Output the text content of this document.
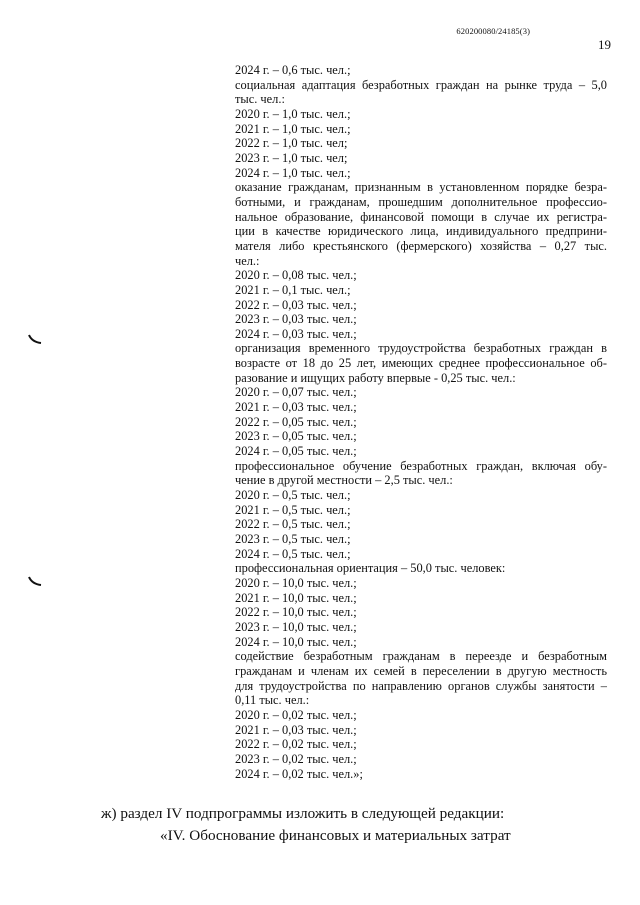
620200080/24185(3)
19
2024 г. – 0,6 тыс. чел.;
социальная адаптация безработных граждан на рынке труда – 5,0
тыс. чел.:
2020 г. – 1,0 тыс. чел.;
2021 г. – 1,0 тыс. чел.;
2022 г. – 1,0 тыс. чел;
2023 г. – 1,0 тыс. чел;
2024 г. – 1,0 тыс. чел.;
оказание гражданам, признанным в установленном порядке безра-
ботными, и гражданам, прошедшим дополнительное профессио-
нальное образование, финансовой помощи в случае их регистра-
ции в качестве юридического лица, индивидуального предприни-
мателя либо крестьянского (фермерского) хозяйства – 0,27 тыс.
чел.:
2020 г. – 0,08 тыс. чел.;
2021 г. – 0,1 тыс. чел.;
2022 г. – 0,03 тыс. чел.;
2023 г. – 0,03 тыс. чел.;
2024 г. – 0,03 тыс. чел.;
организация временного трудоустройства безработных граждан в
возрасте от 18 до 25 лет, имеющих среднее профессиональное об-
разование и ищущих работу впервые - 0,25 тыс. чел.:
2020 г. – 0,07 тыс. чел.;
2021 г. – 0,03 тыс. чел.;
2022 г. – 0,05 тыс. чел.;
2023 г. – 0,05 тыс. чел.;
2024 г. – 0,05 тыс. чел.;
профессиональное обучение безработных граждан, включая обу-
чение в другой местности – 2,5 тыс. чел.:
2020 г. – 0,5 тыс. чел.;
2021 г. – 0,5 тыс. чел.;
2022 г. – 0,5 тыс. чел.;
2023 г. – 0,5 тыс. чел.;
2024 г. – 0,5 тыс. чел.;
профессиональная ориентация – 50,0 тыс. человек:
2020 г. – 10,0 тыс. чел.;
2021 г. – 10,0 тыс. чел.;
2022 г. – 10,0 тыс. чел.;
2023 г. – 10,0 тыс. чел.;
2024 г. – 10,0 тыс. чел.;
содействие безработным гражданам в переезде и безработным
гражданам и членам их семей в переселении в другую местность
для трудоустройства по направлению органов службы занятости –
0,11 тыс. чел.:
2020 г. – 0,02 тыс. чел.;
2021 г. – 0,03 тыс. чел.;
2022 г. – 0,02 тыс. чел.;
2023 г. – 0,02 тыс. чел.;
2024 г. – 0,02 тыс. чел.»;
ж) раздел IV подпрограммы изложить в следующей редакции:
«IV. Обоснование финансовых и материальных затрат
